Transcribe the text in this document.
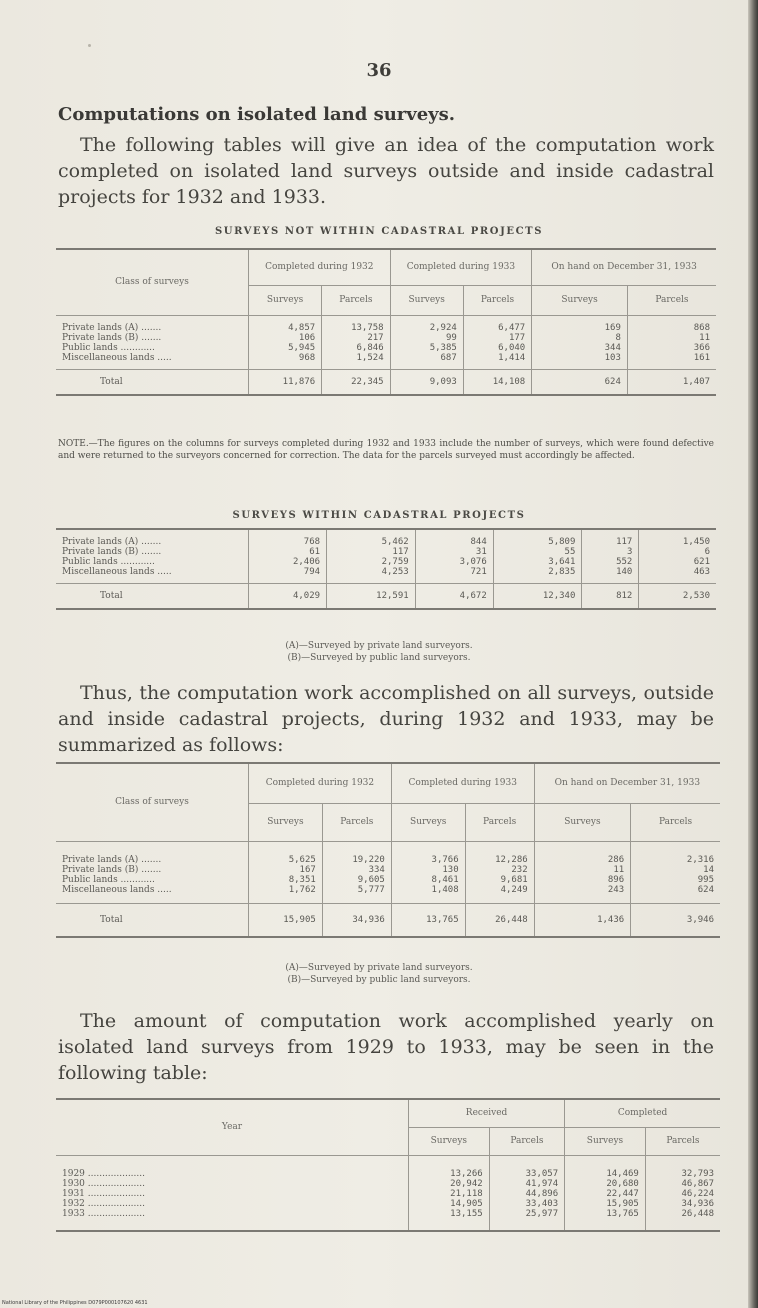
36
Computations on isolated land surveys.
The following tables will give an idea of the computation work completed on isolated land surveys outside and inside cadastral projects for 1932 and 1933.
SURVEYS NOT WITHIN CADASTRAL PROJECTS
Class of surveys	Completed during 1932		Completed during 1933		On hand on December 31, 1933	
	Surveys	Parcels	Surveys	Parcels	Surveys	Parcels

Private lands (A) .......	4,857	13,758	2,924	6,477	169	868
Private lands (B) .......	106	217	99	177	8	11
Public lands ............	5,945	6,846	5,385	6,040	344	366
Miscellaneous lands .....	968	1,524	687	1,414	103	161

Total	11,876	22,345	9,093	14,108	624	1,407
NOTE.—The figures on the columns for surveys completed during 1932 and 1933 include the number of surveys, which were found defective and were returned to the surveyors concerned for correction. The data for the parcels surveyed must accordingly be affected.
SURVEYS WITHIN CADASTRAL PROJECTS

Private lands (A) .......	768	5,462	844	5,809	117	1,450
Private lands (B) .......	61	117	31	55	3	6
Public lands ............	2,406	2,759	3,076	3,641	552	621
Miscellaneous lands .....	794	4,253	721	2,835	140	463

Total	4,029	12,591	4,672	12,340	812	2,530
(A)—Surveyed by private land surveyors.
(B)—Surveyed by public land surveyors.
Thus, the computation work accomplished on all surveys, outside and inside cadastral projects, during 1932 and 1933, may be summarized as follows:
Class of surveys	Completed during 1932		Completed during 1933		On hand on December 31, 1933	
	Surveys	Parcels	Surveys	Parcels	Surveys	Parcels

Private lands (A) .......	5,625	19,220	3,766	12,286	286	2,316
Private lands (B) .......	167	334	130	232	11	14
Public lands ............	8,351	9,605	8,461	9,681	896	995
Miscellaneous lands .....	1,762	5,777	1,408	4,249	243	624

Total	15,905	34,936	13,765	26,448	1,436	3,946
(A)—Surveyed by private land surveyors.
(B)—Surveyed by public land surveyors.
The amount of computation work accomplished yearly on isolated land surveys from 1929 to 1933, may be seen in the following table:
Year	Received		Completed	
	Surveys	Parcels	Surveys	Parcels

1929 ....................	13,266	33,057	14,469	32,793
1930 ....................	20,942	41,974	20,680	46,867
1931 ....................	21,118	44,896	22,447	46,224
1932 ....................	14,905	33,403	15,905	34,936
1933 ....................	13,155	25,977	13,765	26,448

National Library of the Philippines D079P000107620 4631
